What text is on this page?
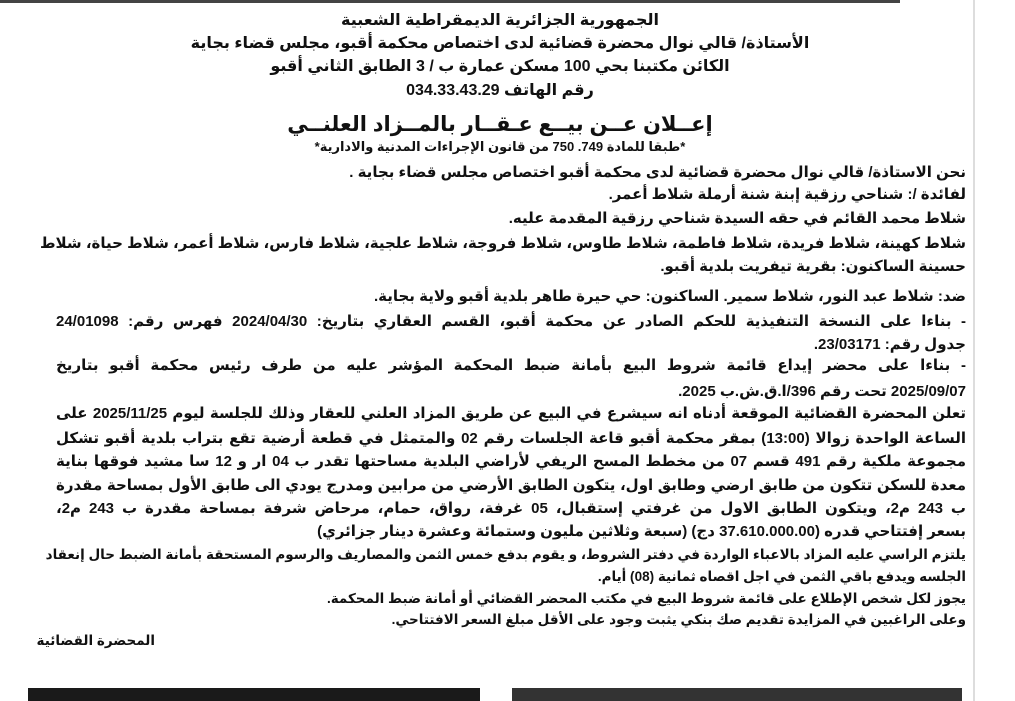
الجمهورية الجزائرية الديمقراطية الشعبية
الأستاذة/ قالي نوال محضرة قضائية لدى اختصاص محكمة أقبو، مجلس قضاء بجاية
الكائن مكتبنا بحي 100 مسكن عمارة ب / 3 الطابق الثاني أقبو
رقم الهاتف 034.33.43.29
إعــلان عــن بيــع عـقــار بالمــزاد العلنــي
*طبقا للمادة 749. 750 من قانون الإجراءات المدنية والادارية*
نحن الاستاذة/ قالي نوال محضرة قضائية لدى محكمة أقبو اختصاص مجلس قضاء بجاية .
لفائدة /: شناحي رزقية إبنة شنة أرملة شلاط أعمر.
شلاط محمد القائم في حقه السيدة شناحي رزقية المقدمة عليه.
شلاط كهينة، شلاط فريدة، شلاط فاطمة، شلاط طاوس، شلاط فروجة، شلاط علجية، شلاط فارس، شلاط أعمر، شلاط حياة، شلاط
حسينة الساكنون: بقرية تيفريت بلدية أقبو.
ضد: شلاط عبد النور، شلاط سمير. الساكنون: حي حيرة طاهر بلدية أقبو ولاية بجاية.
- بناءا على النسخة التنفيذية للحكم الصادر عن محكمة أقبو، القسم العقاري بتاريخ: 2024/04/30 فهرس رقم: 24/01098
جدول رقم: 23/03171.
- بناءا على محضر إيداع قائمة شروط البيع بأمانة ضبط المحكمة المؤشر عليه من طرف رئيس محكمة أقبو بتاريخ
2025/09/07 تحت رقم 396/ا.ق.ش.ب 2025.
تعلن المحضرة القضائية الموقعة أدناه انه سيشرع في البيع عن طريق المزاد العلني للعقار وذلك للجلسة ليوم 2025/11/25 على
الساعة الواحدة زوالا (13:00) بمقر محكمة أقبو قاعة الجلسات رقم 02 والمتمثل في قطعة أرضية تقع بتراب بلدية أقبو تشكل
مجموعة ملكية رقم 491 قسم 07 من مخطط المسح الريفي لأراضي البلدية مساحتها تقدر ب 04 ار و 12 سا مشيد فوقها بناية
معدة للسكن تتكون من طابق ارضي وطابق اول، يتكون الطابق الأرضي من مرابين ومدرج يودي الى طابق الأول بمساحة مقدرة
ب 243 م2، ويتكون الطابق الاول من غرفتي إستقبال، 05 غرفة، رواق، حمام، مرحاض شرفة بمساحة مقدرة ب 243 م2،
بسعر إفتتاحي قدره (37.610.000.00 دج) (سبعة وثلاثين مليون وستمائة وعشرة دينار جزائري)
يلتزم الراسي عليه المزاد بالاعباء الواردة في دفتر الشروط، و يقوم بدفع خمس الثمن والمصاريف والرسوم المستحقة بأمانة الضبط حال إنعقاد
الجلسه ويدفع باقي الثمن في اجل اقصاه ثمانية (08) أيام.
يجوز لكل شخص الإطلاع على قائمة شروط البيع في مكتب المحضر القضائي أو أمانة ضبط المحكمة.
وعلى الراغبين في المزايدة تقديم صك بنكي يثبت وجود على الأقل مبلغ السعر الافتتاحي.
المحضرة القضائية
